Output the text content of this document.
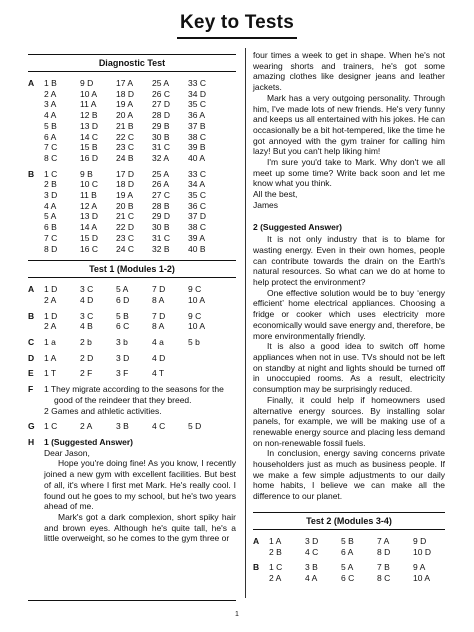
Key to Tests
Diagnostic Test
A	1 B	9 D	17 A	25 A	33 C
2 A	10 A	18 D	26 C	34 D
3 A	11 A	19 A	27 D	35 C
4 A	12 B	20 A	28 D	36 A
5 B	13 D	21 B	29 B	37 B
6 A	14 C	22 C	30 B	38 C
7 C	15 B	23 C	31 C	39 B
8 C	16 D	24 B	32 A	40 A
B	1 C	9 B	17 D	25 A	33 C
2 B	10 C	18 D	26 A	34 A
3 D	11 B	19 A	27 C	35 C
4 A	12 A	20 B	28 B	36 C
5 A	13 D	21 C	29 D	37 D
6 B	14 A	22 D	30 B	38 C
7 C	15 D	23 C	31 C	39 A
8 D	16 C	24 C	32 B	40 B
Test 1 (Modules 1-2)
A	1 D	3 C	5 A	7 D	9 C
2 A	4 D	6 D	8 A	10 A
B	1 D	3 C	5 B	7 D	9 C
2 A	4 B	6 C	8 A	10 A
C	1 a	2 b	3 b	4 a	5 b
D	1 A	2 D	3 D	4 D	
E	1 T	2 F	3 F	4 T	
F	1 They migrate according to the seasons for the good of the reindeer that they breed.
2 Games and athletic activities.
G	1 C	2 A	3 B	4 C	5 D
H	1 (Suggested Answer)

Dear Jason,

Hope you're doing fine! As you know, I recently joined a new gym with excellent facilities. But best of all, it's where I first met Mark. He's really cool. I found out he goes to my school, but he's two years ahead of me.

Mark's got a dark complexion, short spiky hair and brown eyes. Although he's quite tall, he's a little overweight, so he comes to the gym three or

four times a week to get in shape. When he's not wearing shorts and trainers, he's got some amazing clothes like designer jeans and leather jackets.

Mark has a very outgoing personality. Through him, I've made lots of new friends. He's very funny and keeps us all entertained with his jokes. He can occasionally be a bit hot-tempered, like the time he got annoyed with the gym trainer for calling him lazy! But you can't help liking him!

I'm sure you'd take to Mark. Why don't we all meet up some time? Write back soon and let me know what you think.

All the best,

James

2 (Suggested Answer)

It is not only industry that is to blame for wasting energy. Even in their own homes, people can contribute towards the drain on the Earth's natural resources. So what can we do at home to help protect the environment?

One effective solution would be to buy ‘energy efficient’ home electrical appliances. Choosing a fridge or cooker which uses electricity more economically would save energy and, therefore, be more environmentally friendly.

It is also a good idea to switch off home appliances when not in use. TVs should not be left on standby at night and lights should be turned off in unoccupied rooms. As a result, electricity consumption may be surprisingly reduced.

Finally, it could help if homeowners used alternative energy sources. By installing solar panels, for example, we will be making use of a renewable energy source and placing less demand on non-renewable fossil fuels.

In conclusion, energy saving concerns private householders just as much as business people. If we make a few simple adjustments to our daily home habits, I believe we can make all the difference to our planet.

Test 2 (Modules 3-4)
A	1 A	3 D	5 B	7 A	9 D
2 B	4 C	6 A	8 D	10 D
B	1 C	3 B	5 A	7 B	9 A
2 A	4 A	6 C	8 C	10 A
1
